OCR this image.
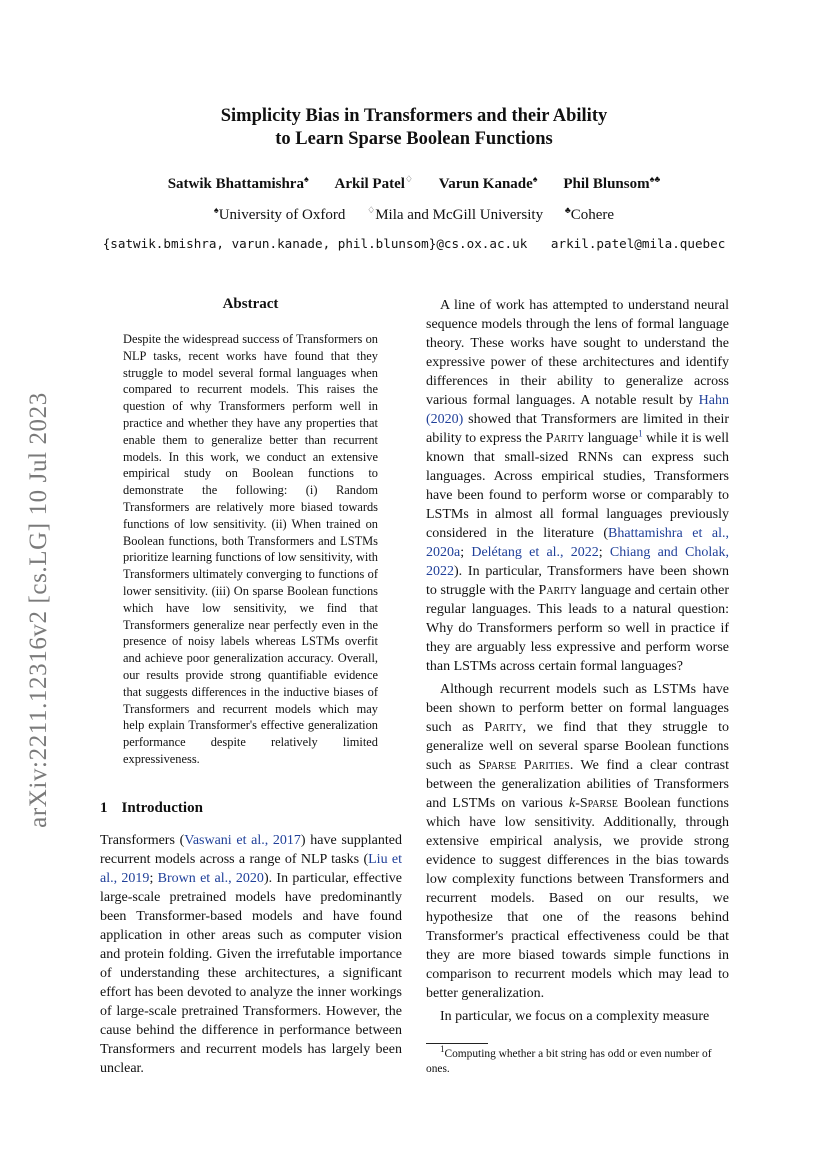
arXiv:2211.12316v2 [cs.LG] 10 Jul 2023
Simplicity Bias in Transformers and their Ability
to Learn Sparse Boolean Functions
Satwik Bhattamishra♠ Arkil Patel♢ Varun Kanade♠ Phil Blunsom♠♣
♠University of Oxford ♢Mila and McGill University ♣Cohere
{satwik.bmishra, varun.kanade, phil.blunsom}@cs.ox.ac.uk arkil.patel@mila.quebec
Abstract
Despite the widespread success of Transformers on NLP tasks, recent works have found that they struggle to model several formal languages when compared to recurrent models. This raises the question of why Transformers perform well in practice and whether they have any properties that enable them to generalize better than recurrent models. In this work, we conduct an extensive empirical study on Boolean functions to demonstrate the following: (i) Random Transformers are relatively more biased towards functions of low sensitivity. (ii) When trained on Boolean functions, both Transformers and LSTMs prioritize learning functions of low sensitivity, with Transformers ultimately converging to functions of lower sensitivity. (iii) On sparse Boolean functions which have low sensitivity, we find that Transformers generalize near perfectly even in the presence of noisy labels whereas LSTMs overfit and achieve poor generalization accuracy. Overall, our results provide strong quantifiable evidence that suggests differences in the inductive biases of Transformers and recurrent models which may help explain Transformer's effective generalization performance despite relatively limited expressiveness.
1 Introduction

Transformers (Vaswani et al., 2017) have supplanted recurrent models across a range of NLP tasks (Liu et al., 2019; Brown et al., 2020). In particular, effective large-scale pretrained models have predominantly been Transformer-based models and have found application in other areas such as computer vision and protein folding. Given the irrefutable importance of understanding these architectures, a significant effort has been devoted to analyze the inner workings of large-scale pretrained Transformers. However, the cause behind the difference in performance between Transformers and recurrent models has largely been unclear.

A line of work has attempted to understand neural sequence models through the lens of formal language theory. These works have sought to understand the expressive power of these architectures and identify differences in their ability to generalize across various formal languages. A notable result by Hahn (2020) showed that Transformers are limited in their ability to express the Parity language$^1$ while it is well known that small-sized RNNs can express such languages. Across empirical studies, Transformers have been found to perform worse or comparably to LSTMs in almost all formal languages previously considered in the literature (Bhattamishra et al., 2020a; Delétang et al., 2022; Chiang and Cholak, 2022). In particular, Transformers have been shown to struggle with the Parity language and certain other regular languages. This leads to a natural question: Why do Transformers perform so well in practice if they are arguably less expressive and perform worse than LSTMs across certain formal languages?

Although recurrent models such as LSTMs have been shown to perform better on formal languages such as Parity, we find that they struggle to generalize well on several sparse Boolean functions such as Sparse Parities. We find a clear contrast between the generalization abilities of Transformers and LSTMs on various k-Sparse Boolean functions which have low sensitivity. Additionally, through extensive empirical analysis, we provide strong evidence to suggest differences in the bias towards low complexity functions between Transformers and recurrent models. Based on our results, we hypothesize that one of the reasons behind Transformer's practical effectiveness could be that they are more biased towards simple functions in comparison to recurrent models which may lead to better generalization.

In particular, we focus on a complexity measure

$^1$Computing whether a bit string has odd or even number of ones.
